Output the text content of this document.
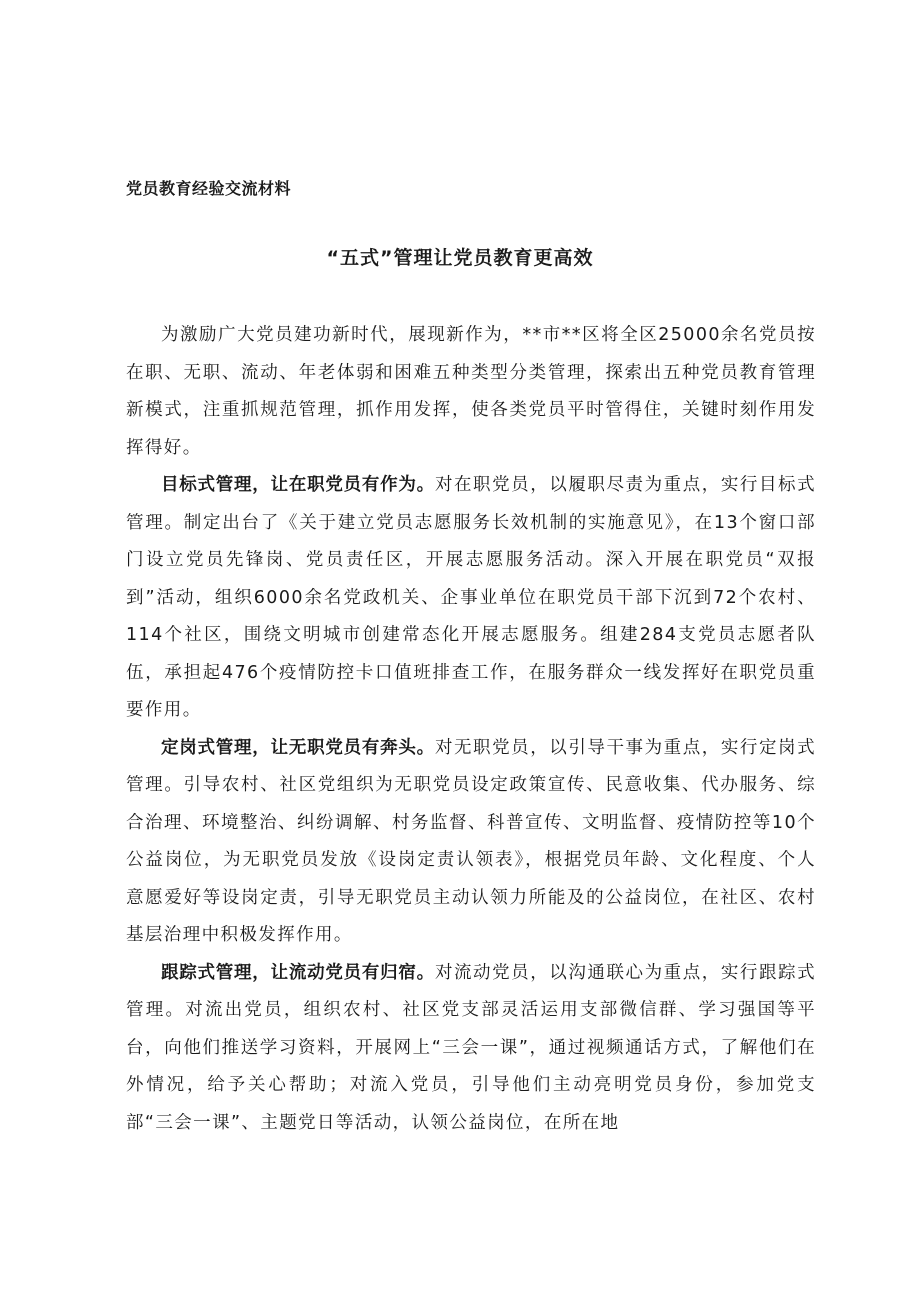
党员教育经验交流材料
“五式”管理让党员教育更高效

为激励广大党员建功新时代，展现新作为，**市**区将全区25000余名党员按在职、无职、流动、年老体弱和困难五种类型分类管理，探索出五种党员教育管理新模式，注重抓规范管理，抓作用发挥，使各类党员平时管得住，关键时刻作用发挥得好。

目标式管理，让在职党员有作为。对在职党员，以履职尽责为重点，实行目标式管理。制定出台了《关于建立党员志愿服务长效机制的实施意见》，在13个窗口部门设立党员先锋岗、党员责任区，开展志愿服务活动。深入开展在职党员“双报到”活动，组织6000余名党政机关、企事业单位在职党员干部下沉到72个农村、114个社区，围绕文明城市创建常态化开展志愿服务。组建284支党员志愿者队伍，承担起476个疫情防控卡口值班排查工作，在服务群众一线发挥好在职党员重要作用。

定岗式管理，让无职党员有奔头。对无职党员，以引导干事为重点，实行定岗式管理。引导农村、社区党组织为无职党员设定政策宣传、民意收集、代办服务、综合治理、环境整治、纠纷调解、村务监督、科普宣传、文明监督、疫情防控等10个公益岗位，为无职党员发放《设岗定责认领表》，根据党员年龄、文化程度、个人意愿爱好等设岗定责，引导无职党员主动认领力所能及的公益岗位，在社区、农村基层治理中积极发挥作用。

跟踪式管理，让流动党员有归宿。对流动党员，以沟通联心为重点，实行跟踪式管理。对流出党员，组织农村、社区党支部灵活运用支部微信群、学习强国等平台，向他们推送学习资料，开展网上“三会一课”，通过视频通话方式，了解他们在外情况，给予关心帮助；对流入党员，引导他们主动亮明党员身份，参加党支部“三会一课”、主题党日等活动，认领公益岗位，在所在地
